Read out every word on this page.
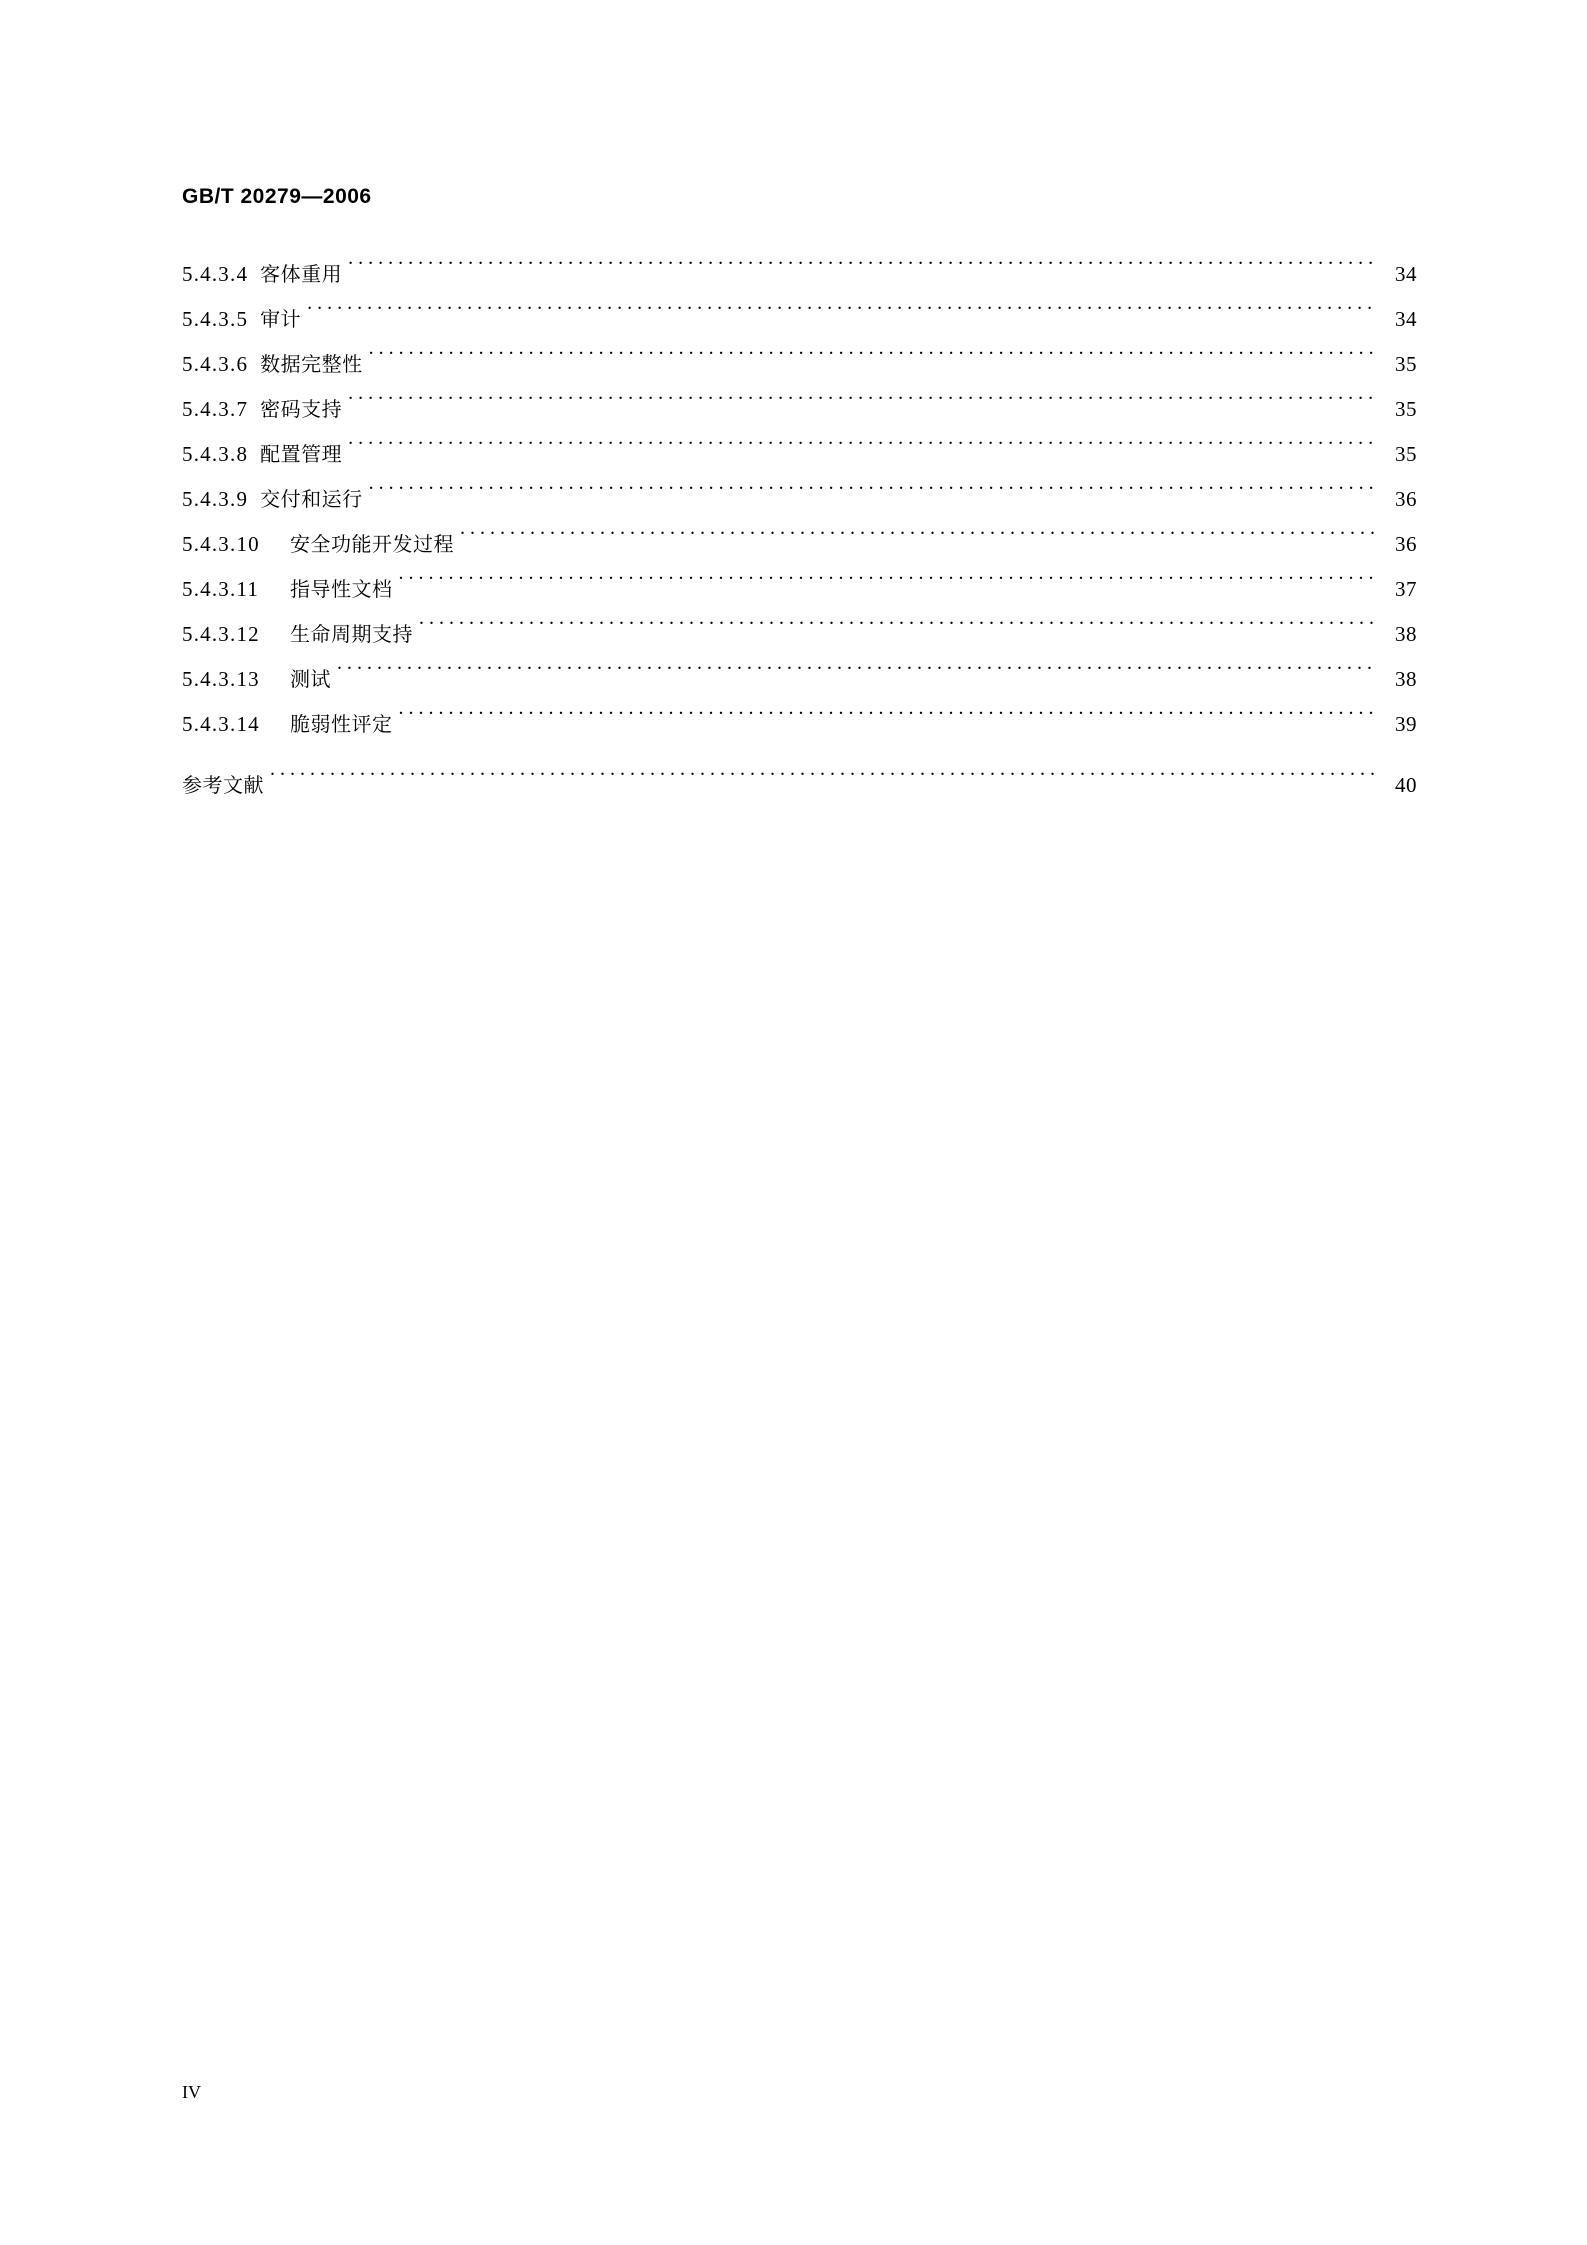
GB/T 20279—2006
5.4.3.4 客体重用 . . .	34
5.4.3.5 审计 . . .	34
5.4.3.6 数据完整性 . . .	35
5.4.3.7 密码支持 . . .	35
5.4.3.8 配置管理 . . .	35
5.4.3.9 交付和运行 . . .	36
5.4.3.10	安全功能开发过程 . . .	36
5.4.3.11	指导性文档 . . .	37
5.4.3.12	生命周期支持 . . .	38
5.4.3.13	测试 . . .	38
5.4.3.14	脆弱性评定 . . .	39
参考文献 . . .	40
IV
